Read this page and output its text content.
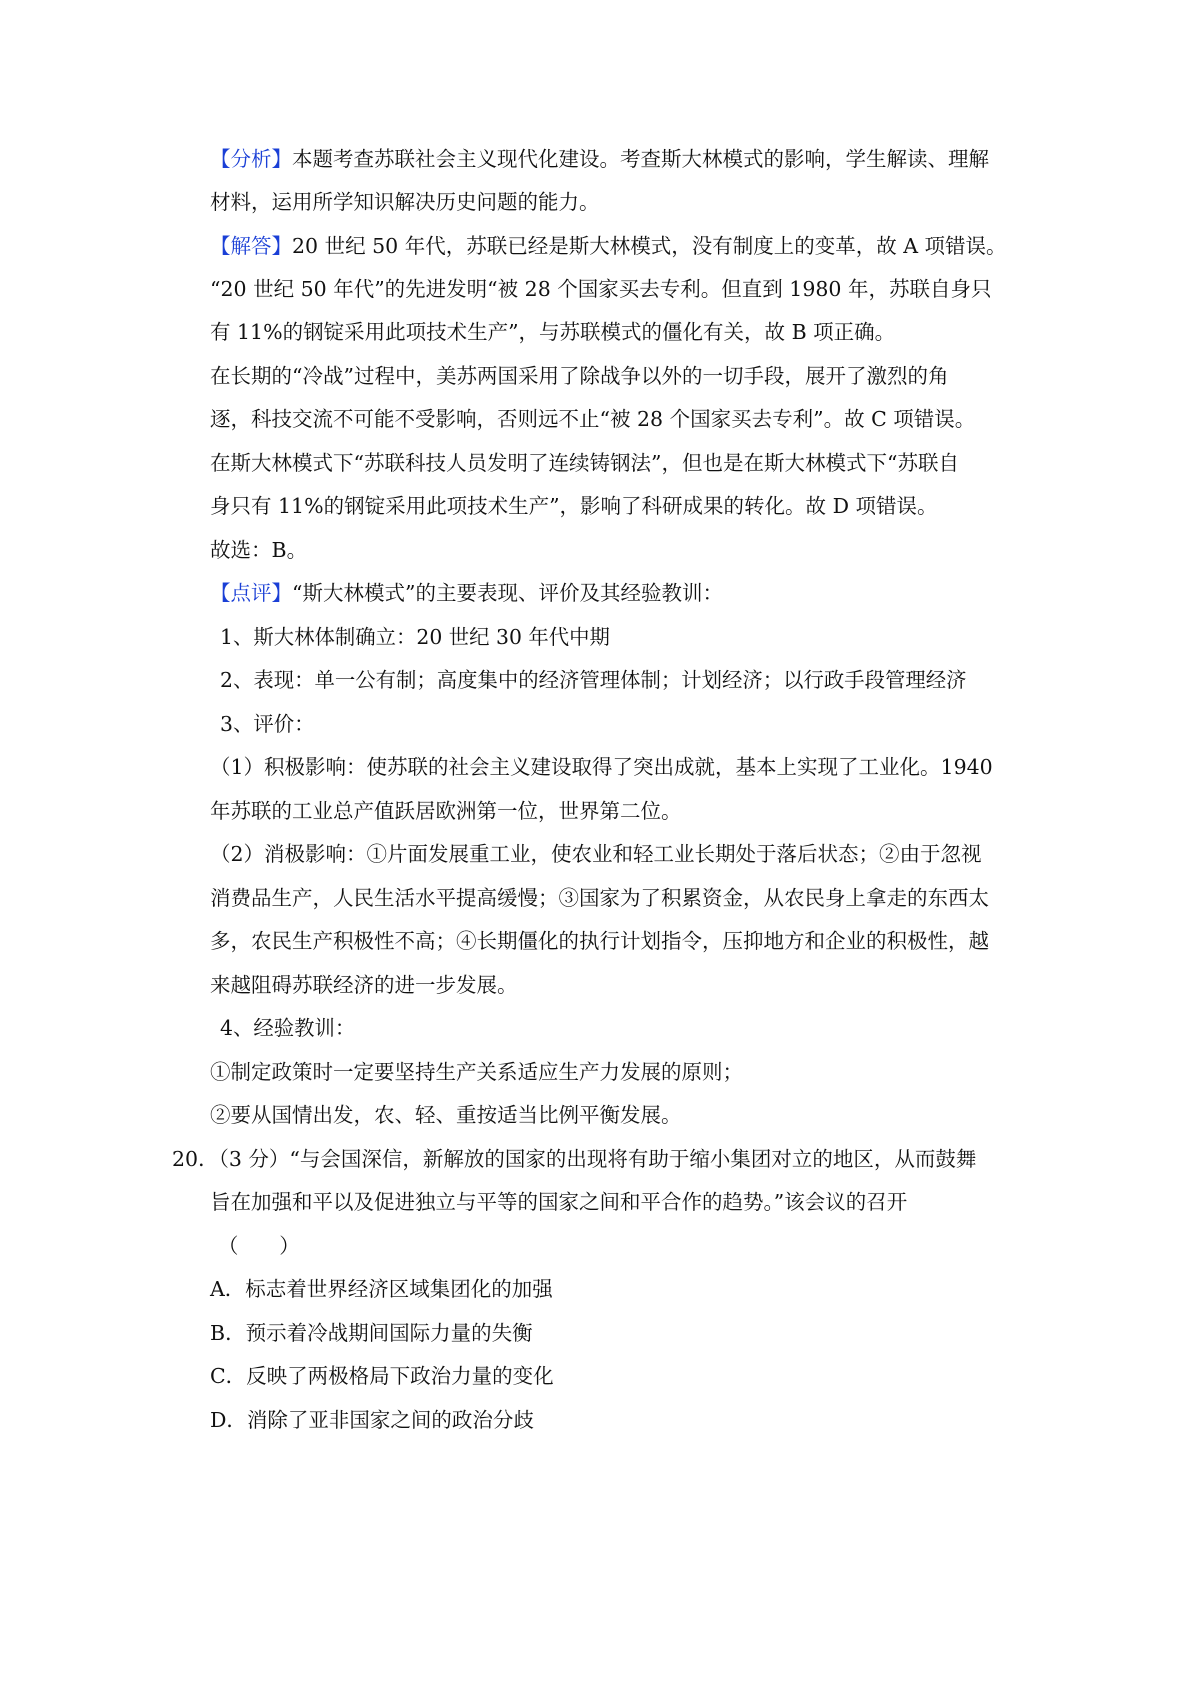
【分析】本题考查苏联社会主义现代化建设。考查斯大林模式的影响，学生解读、理解
材料，运用所学知识解决历史问题的能力。
【解答】20 世纪 50 年代，苏联已经是斯大林模式，没有制度上的变革，故 A 项错误。
“20 世纪 50 年代”的先进发明“被 28 个国家买去专利。但直到 1980 年，苏联自身只
有 11%的钢锭采用此项技术生产”，与苏联模式的僵化有关，故 B 项正确。
在长期的“冷战”过程中，美苏两国采用了除战争以外的一切手段，展开了激烈的角
逐，科技交流不可能不受影响，否则远不止“被 28 个国家买去专利”。故 C 项错误。
在斯大林模式下“苏联科技人员发明了连续铸钢法”，但也是在斯大林模式下“苏联自
身只有 11%的钢锭采用此项技术生产”，影响了科研成果的转化。故 D 项错误。
故选：B。
【点评】“斯大林模式”的主要表现、评价及其经验教训：
1、斯大林体制确立：20 世纪 30 年代中期
2、表现：单一公有制；高度集中的经济管理体制；计划经济；以行政手段管理经济
3、评价：
（1）积极影响：使苏联的社会主义建设取得了突出成就，基本上实现了工业化。1940
年苏联的工业总产值跃居欧洲第一位，世界第二位。
（2）消极影响：①片面发展重工业，使农业和轻工业长期处于落后状态；②由于忽视
消费品生产，人民生活水平提高缓慢；③国家为了积累资金，从农民身上拿走的东西太
多，农民生产积极性不高；④长期僵化的执行计划指令，压抑地方和企业的积极性，越
来越阻碍苏联经济的进一步发展。
4、经验教训：
①制定政策时一定要坚持生产关系适应生产力发展的原则；
②要从国情出发，农、轻、重按适当比例平衡发展。
20．（3 分）“与会国深信，新解放的国家的出现将有助于缩小集团对立的地区，从而鼓舞
旨在加强和平以及促进独立与平等的国家之间和平合作的趋势。”该会议的召开
（　　）
A．标志着世界经济区域集团化的加强
B．预示着冷战期间国际力量的失衡
C．反映了两极格局下政治力量的变化
D．消除了亚非国家之间的政治分歧
